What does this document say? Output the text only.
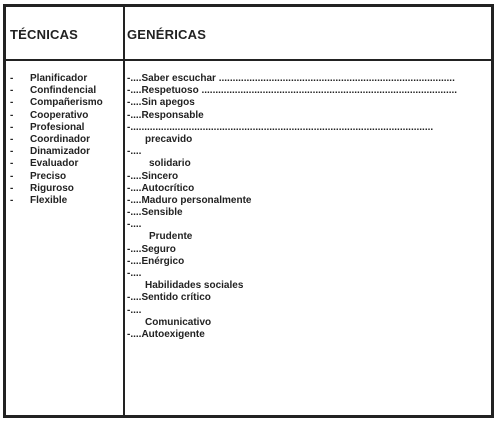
TÉCNICAS	GENÉRICAS
- Planificador
- Confindencial
- Compañerismo
- Cooperativo
- Profesional
- Coordinador
- Dinamizador
- Evaluador
- Preciso
- Riguroso
- Flexible
-....Saber escuchar .....................................................................................
-....Respetuoso ............................................................................................
-....Sin apegos
-....Responsable
-.............................................................................................................
precavido
-....
solidario
-....Sincero
-....Autocrítico
-....Maduro personalmente
-....Sensible
-....
Prudente
-....Seguro
-....Enérgico
-....
Habilidades sociales
-....Sentido crítico
-....
Comunicativo
-....Autoexigente
